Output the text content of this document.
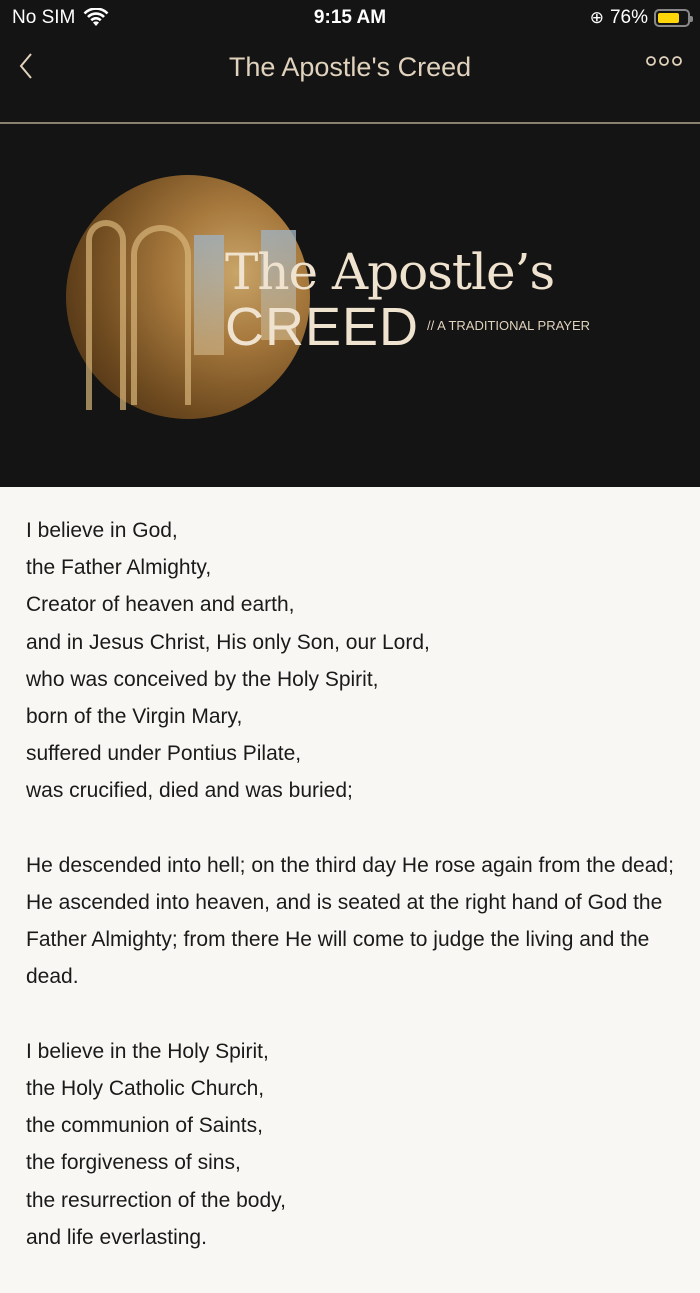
No SIM	9:15 AM	⊕ 76%
The Apostle's Creed
The Apostle’s
CREED // A TRADITIONAL PRAYER

I believe in God,
the Father Almighty,
Creator of heaven and earth,
and in Jesus Christ, His only Son, our Lord,
who was conceived by the Holy Spirit,
born of the Virgin Mary,
suffered under Pontius Pilate,
was crucified, died and was buried;

He descended into hell; on the third day He rose again from the dead; He ascended into heaven, and is seated at the right hand of God the Father Almighty; from there He will come to judge the living and the dead.

I believe in the Holy Spirit,
the Holy Catholic Church,
the communion of Saints,
the forgiveness of sins,
the resurrection of the body,
and life everlasting.
